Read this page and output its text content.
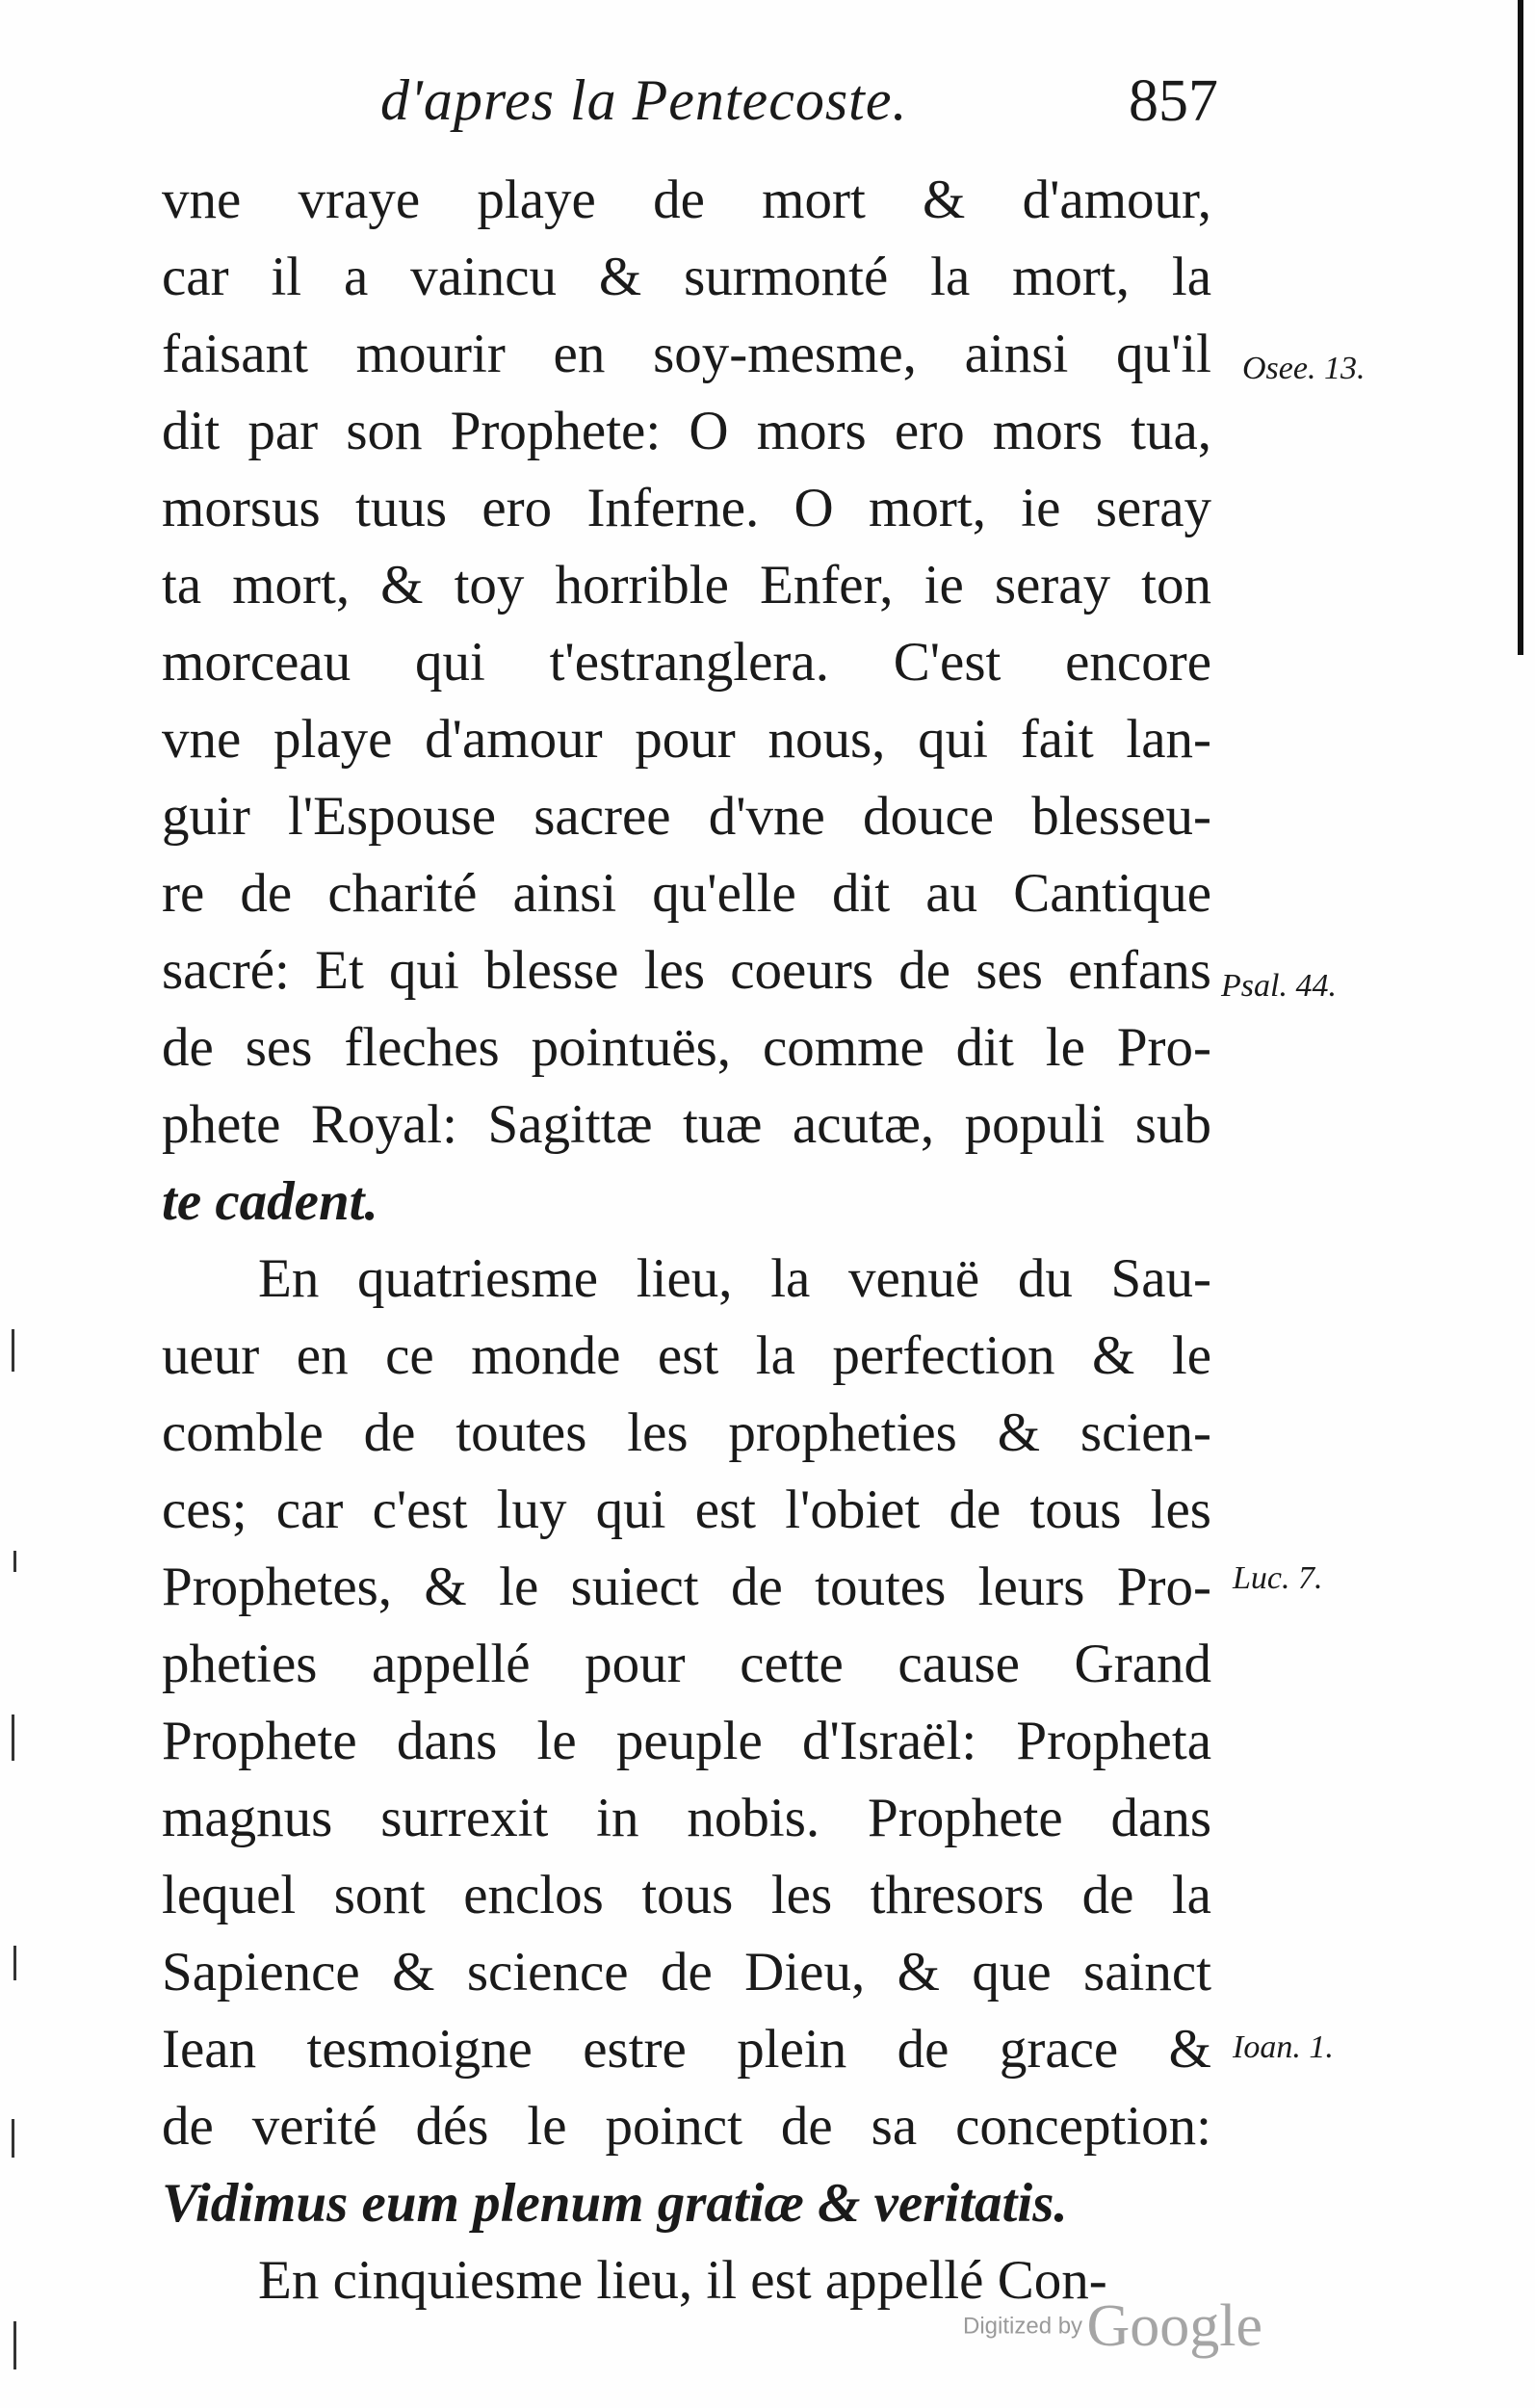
d'apres la Pentecoste.	857
vne vraye playe de mort & d'amour,
car il a vaincu & surmonté la mort, la
faisant mourir en soy-mesme, ainsi qu'il
dit par son Prophete: O mors ero mors tua,
morsus tuus ero Inferne. O mort, ie seray
ta mort, & toy horrible Enfer, ie seray ton
morceau qui t'estranglera. C'est encore
vne playe d'amour pour nous, qui fait lan-
guir l'Espouse sacree d'vne douce blesseu-
re de charité ainsi qu'elle dit au Cantique
sacré: Et qui blesse les coeurs de ses enfans
de ses fleches pointuës, comme dit le Pro-
phete Royal: Sagittæ tuæ acutæ, populi sub
te cadent.
En quatriesme lieu, la venuë du Sau-
ueur en ce monde est la perfection & le
comble de toutes les propheties & scien-
ces; car c'est luy qui est l'obiet de tous les
Prophetes, & le suiect de toutes leurs Pro-
pheties appellé pour cette cause Grand
Prophete dans le peuple d'Israël: Propheta
magnus surrexit in nobis. Prophete dans
lequel sont enclos tous les thresors de la
Sapience & science de Dieu, & que sainct
Iean tesmoigne estre plein de grace &
de verité dés le poinct de sa conception:
Vidimus eum plenum gratiæ & veritatis.
En cinquiesme lieu, il est appellé Con-
Osee. 13.
Psal. 44.
Luc. 7.
Ioan. 1.
Digitized by Google
